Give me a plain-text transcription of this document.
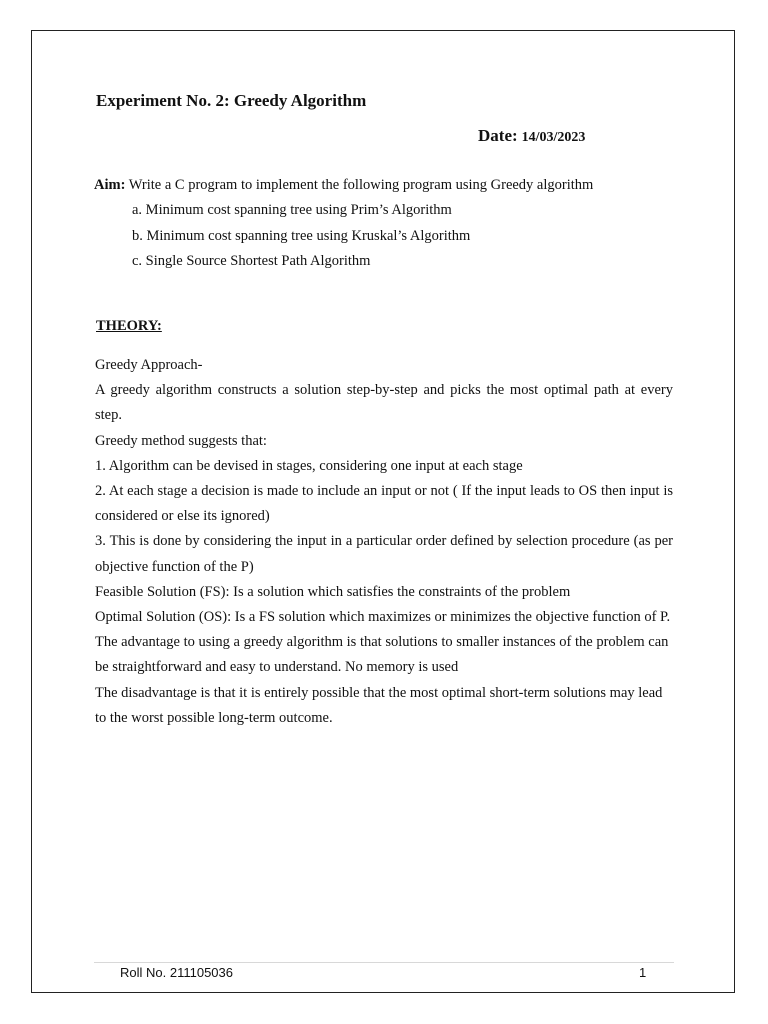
Experiment No. 2: Greedy Algorithm
Date: 14/03/2023
Aim: Write a C program to implement the following program using Greedy algorithm
a. Minimum cost spanning tree using Prim’s Algorithm
b. Minimum cost spanning tree using Kruskal’s Algorithm
c. Single Source Shortest Path Algorithm
THEORY:

Greedy Approach-

A greedy algorithm constructs a solution step-by-step and picks the most optimal path at every step.

Greedy method suggests that:

1. Algorithm can be devised in stages, considering one input at each stage

2. At each stage a decision is made to include an input or not ( If the input leads to OS then input is considered or else its ignored)

3. This is done by considering the input in a particular order defined by selection procedure (as per objective function of the P)

Feasible Solution (FS): Is a solution which satisfies the constraints of the problem

Optimal Solution (OS): Is a FS solution which maximizes or minimizes the objective function of P.

The advantage to using a greedy algorithm is that solutions to smaller instances of the problem can be straightforward and easy to understand. No memory is used

The disadvantage is that it is entirely possible that the most optimal short-term solutions may lead to the worst possible long-term outcome.

Roll No. 211105036	1
